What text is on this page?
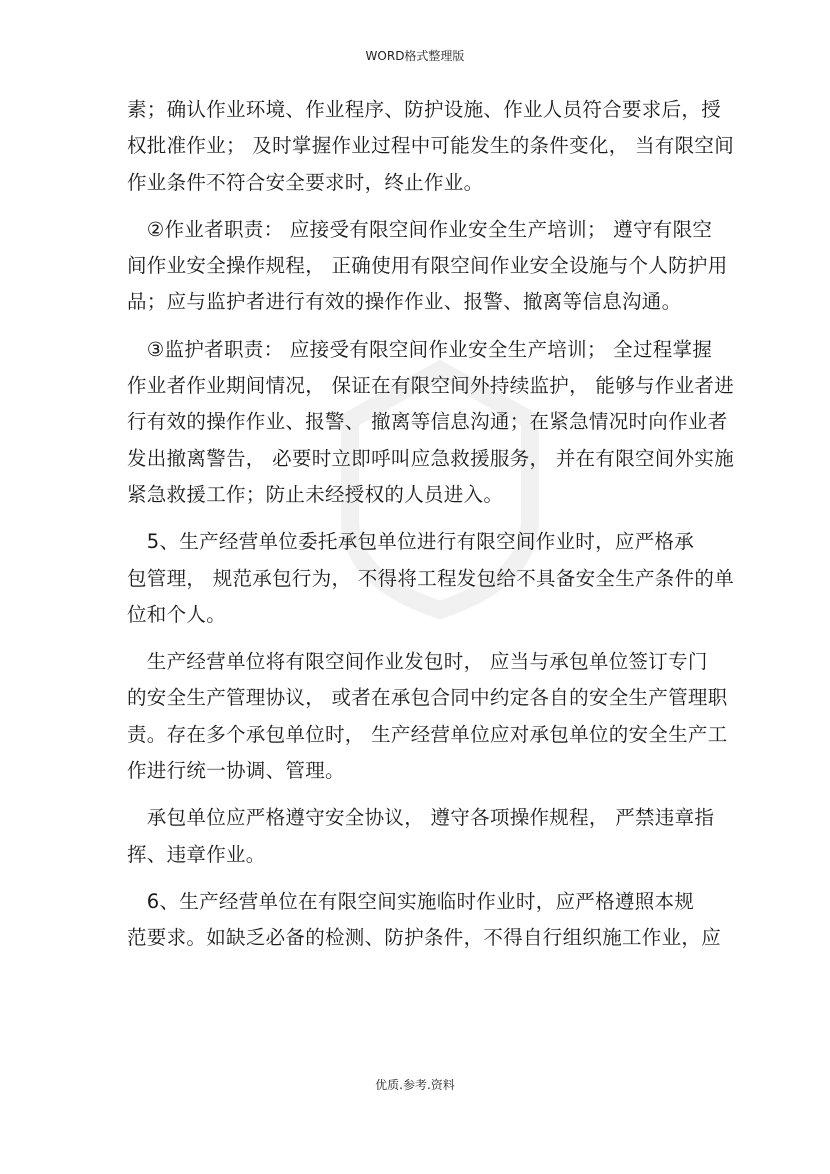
WORD格式整理版
素；确认作业环境、作业程序、防护设施、作业人员符合要求后，授
权批准作业； 及时掌握作业过程中可能发生的条件变化， 当有限空间
作业条件不符合安全要求时，终止作业。
　②作业者职责： 应接受有限空间作业安全生产培训； 遵守有限空
间作业安全操作规程， 正确使用有限空间作业安全设施与个人防护用
品；应与监护者进行有效的操作作业、报警、撤离等信息沟通。
　③监护者职责： 应接受有限空间作业安全生产培训； 全过程掌握
作业者作业期间情况， 保证在有限空间外持续监护， 能够与作业者进
行有效的操作作业、报警、 撤离等信息沟通；在紧急情况时向作业者
发出撤离警告， 必要时立即呼叫应急救援服务， 并在有限空间外实施
紧急救援工作；防止未经授权的人员进入。
　5、生产经营单位委托承包单位进行有限空间作业时，应严格承
包管理， 规范承包行为， 不得将工程发包给不具备安全生产条件的单
位和个人。
　生产经营单位将有限空间作业发包时， 应当与承包单位签订专门
的安全生产管理协议， 或者在承包合同中约定各自的安全生产管理职
责。存在多个承包单位时， 生产经营单位应对承包单位的安全生产工
作进行统一协调、管理。
　承包单位应严格遵守安全协议， 遵守各项操作规程， 严禁违章指
挥、违章作业。
　6、生产经营单位在有限空间实施临时作业时，应严格遵照本规
范要求。如缺乏必备的检测、防护条件，不得自行组织施工作业，应
优质.参考.资料
